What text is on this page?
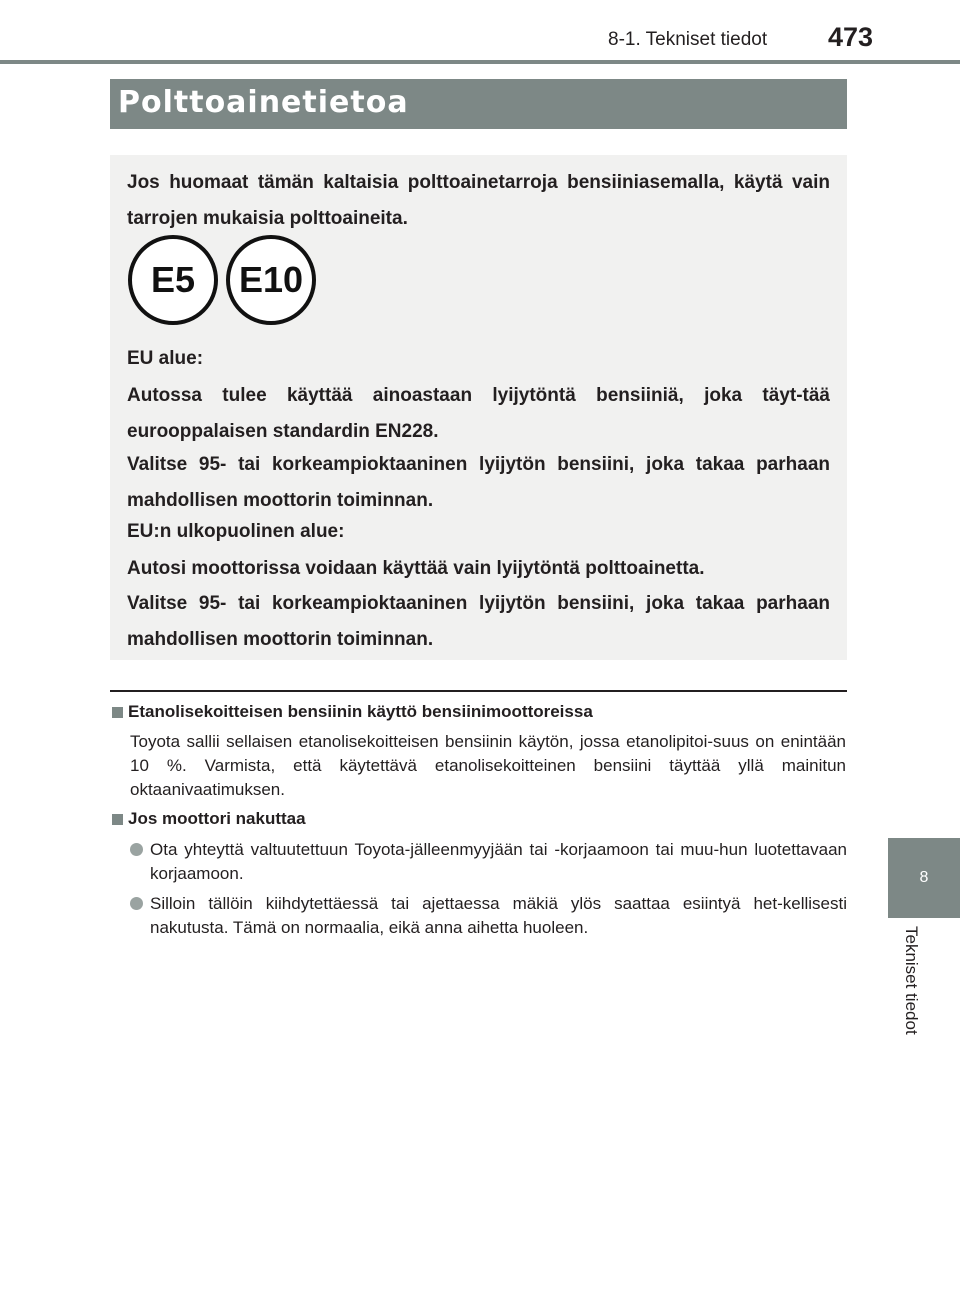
8-1. Tekniset tiedot 473
8
Tekniset tiedot
Polttoainetietoa

Jos huomaat tämän kaltaisia polttoainetarroja bensiiniasemalla, käytä vain tarrojen mukaisia polttoaineita.

E5	E10

EU alue:

Autossa tulee käyttää ainoastaan lyijytöntä bensiiniä, joka täyt-tää eurooppalaisen standardin EN228.

Valitse 95- tai korkeampioktaaninen lyijytön bensiini, joka takaa parhaan mahdollisen moottorin toiminnan.

EU:n ulkopuolinen alue:

Autosi moottorissa voidaan käyttää vain lyijytöntä polttoainetta.

Valitse 95- tai korkeampioktaaninen lyijytön bensiini, joka takaa parhaan mahdollisen moottorin toiminnan.

Etanolisekoitteisen bensiinin käyttö bensiinimoottoreissa
Toyota sallii sellaisen etanolisekoitteisen bensiinin käytön, jossa etanolipitoi-suus on enintään 10 %. Varmista, että käytettävä etanolisekoitteinen bensiini täyttää yllä mainitun oktaanivaatimuksen.
Jos moottori nakuttaa
Ota yhteyttä valtuutettuun Toyota-jälleenmyyjään tai -korjaamoon tai muu-hun luotettavaan korjaamoon.
Silloin tällöin kiihdytettäessä tai ajettaessa mäkiä ylös saattaa esiintyä het-kellisesti nakutusta. Tämä on normaalia, eikä anna aihetta huoleen.
